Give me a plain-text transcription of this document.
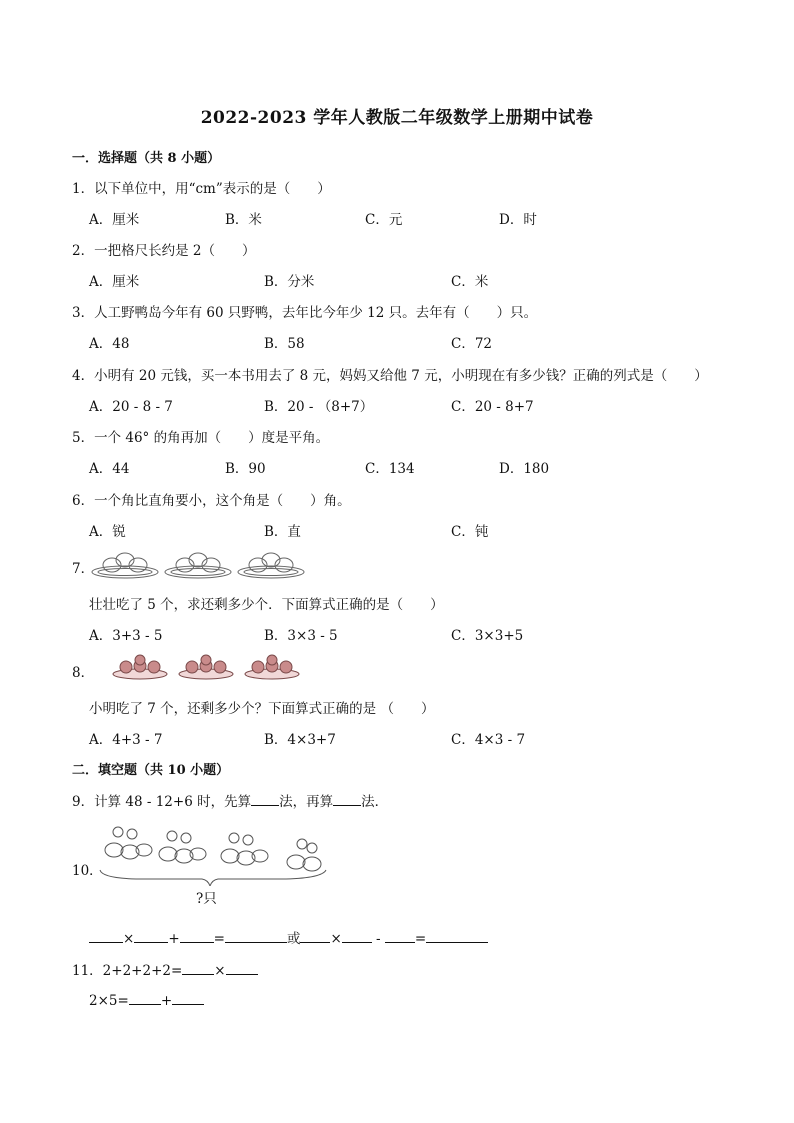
2022-2023 学年人教版二年级数学上册期中试卷
一．选择题（共 8 小题）
1．以下单位中，用“cm”表示的是（　　）
A．厘米	B．米	C．元	D．时
2．一把格尺长约是 2（　　）
A．厘米	B．分米	C．米
3．人工野鸭岛今年有 60 只野鸭，去年比今年少 12 只。去年有（　　）只。
A．48	B．58	C．72
4．小明有 20 元钱，买一本书用去了 8 元，妈妈又给他 7 元，小明现在有多少钱？正确的列式是（　　）
A．20 - 8 - 7	B．20 - （8+7）	C．20 - 8+7
5．一个 46° 的角再加（　　）度是平角。
A．44	B．90	C．134	D．180
6．一个角比直角要小，这个角是（　　）角。
A．锐	B．直	C．钝
7．
壮壮吃了 5 个，求还剩多少个．下面算式正确的是（　　）
A．3+3 - 5	B．3×3 - 5	C．3×3+5
8．
小明吃了 7 个，还剩多少个？下面算式正确的是 （　　）
A．4+3 - 7	B．4×3+7	C．4×3 - 7
二．填空题（共 10 小题）
9．计算 48 - 12+6 时，先算 法，再算 法．
10．
?只
×	+	=	或 × - =
11．2+2+2+2= ×
2×5= +
